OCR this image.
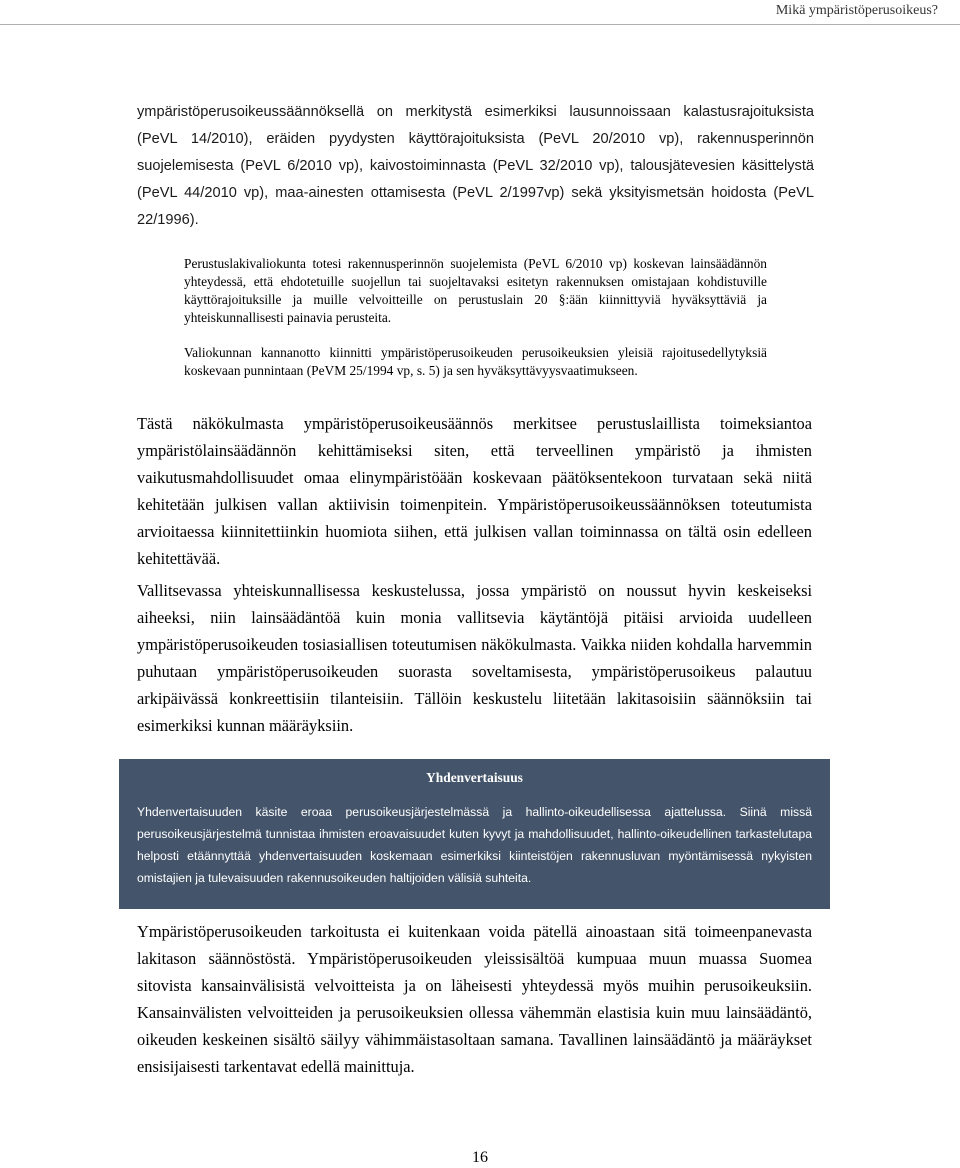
Mikä ympäristöperusoikeus?

ympäristöperusoikeussäännöksellä on merkitystä esimerkiksi lausunnoissaan kalastusrajoituksista (PeVL 14/2010), eräiden pyydysten käyttörajoituksista (PeVL 20/2010 vp), rakennusperinnön suojelemisesta (PeVL 6/2010 vp), kaivostoiminnasta (PeVL 32/2010 vp), talousjätevesien käsittelystä (PeVL 44/2010 vp), maa-ainesten ottamisesta (PeVL 2/1997vp) sekä yksityismetsän hoidosta (PeVL 22/1996).

Perustuslakivaliokunta totesi rakennusperinnön suojelemista (PeVL 6/2010 vp) koskevan lainsäädännön yhteydessä, että ehdotetuille suojellun tai suojeltavaksi esitetyn rakennuksen omistajaan kohdistuville käyttörajoituksille ja muille velvoitteille on perustuslain 20 §:ään kiinnittyviä hyväksyttäviä ja yhteiskunnallisesti painavia perusteita.

Valiokunnan kannanotto kiinnitti ympäristöperusoikeuden perusoikeuksien yleisiä rajoitusedellytyksiä koskevaan punnintaan (PeVM 25/1994 vp, s. 5) ja sen hyväksyttävyysvaatimukseen.

Tästä näkökulmasta ympäristöperusoikeusäännös merkitsee perustuslaillista toimeksiantoa ympäristölainsäädännön kehittämiseksi siten, että terveellinen ympäristö ja ihmisten vaikutusmahdollisuudet omaa elinympäristöään koskevaan päätöksentekoon turvataan sekä niitä kehitetään julkisen vallan aktiivisin toimenpitein. Ympäristöperusoikeussäännöksen toteutumista arvioitaessa kiinnitettiinkin huomiota siihen, että julkisen vallan toiminnassa on tältä osin edelleen kehitettävää.

Vallitsevassa yhteiskunnallisessa keskustelussa, jossa ympäristö on noussut hyvin keskeiseksi aiheeksi, niin lainsäädäntöä kuin monia vallitsevia käytäntöjä pitäisi arvioida uudelleen ympäristöperusoikeuden tosiasiallisen toteutumisen näkökulmasta. Vaikka niiden kohdalla harvemmin puhutaan ympäristöperusoikeuden suorasta soveltamisesta, ympäristöperusoikeus palautuu arkipäivässä konkreettisiin tilanteisiin. Tällöin keskustelu liitetään lakitasoisiin säännöksiin tai esimerkiksi kunnan määräyksiin.

Yhdenvertaisuus

Yhdenvertaisuuden käsite eroaa perusoikeusjärjestelmässä ja hallinto-oikeudellisessa ajattelussa. Siinä missä perusoikeusjärjestelmä tunnistaa ihmisten eroavaisuudet kuten kyvyt ja mahdollisuudet, hallinto-oikeudellinen tarkastelutapa helposti etäännyttää yhdenvertaisuuden koskemaan esimerkiksi kiinteistöjen rakennusluvan myöntämisessä nykyisten omistajien ja tulevaisuuden rakennusoikeuden haltijoiden välisiä suhteita.

Ympäristöperusoikeuden tarkoitusta ei kuitenkaan voida pätellä ainoastaan sitä toimeenpanevasta lakitason säännöstöstä. Ympäristöperusoikeuden yleissisältöä kumpuaa muun muassa Suomea sitovista kansainvälisistä velvoitteista ja on läheisesti yhteydessä myös muihin perusoikeuksiin. Kansainvälisten velvoitteiden ja perusoikeuksien ollessa vähemmän elastisia kuin muu lainsäädäntö, oikeuden keskeinen sisältö säilyy vähimmäistasoltaan samana. Tavallinen lainsäädäntö ja määräykset ensisijaisesti tarkentavat edellä mainittuja.

16
